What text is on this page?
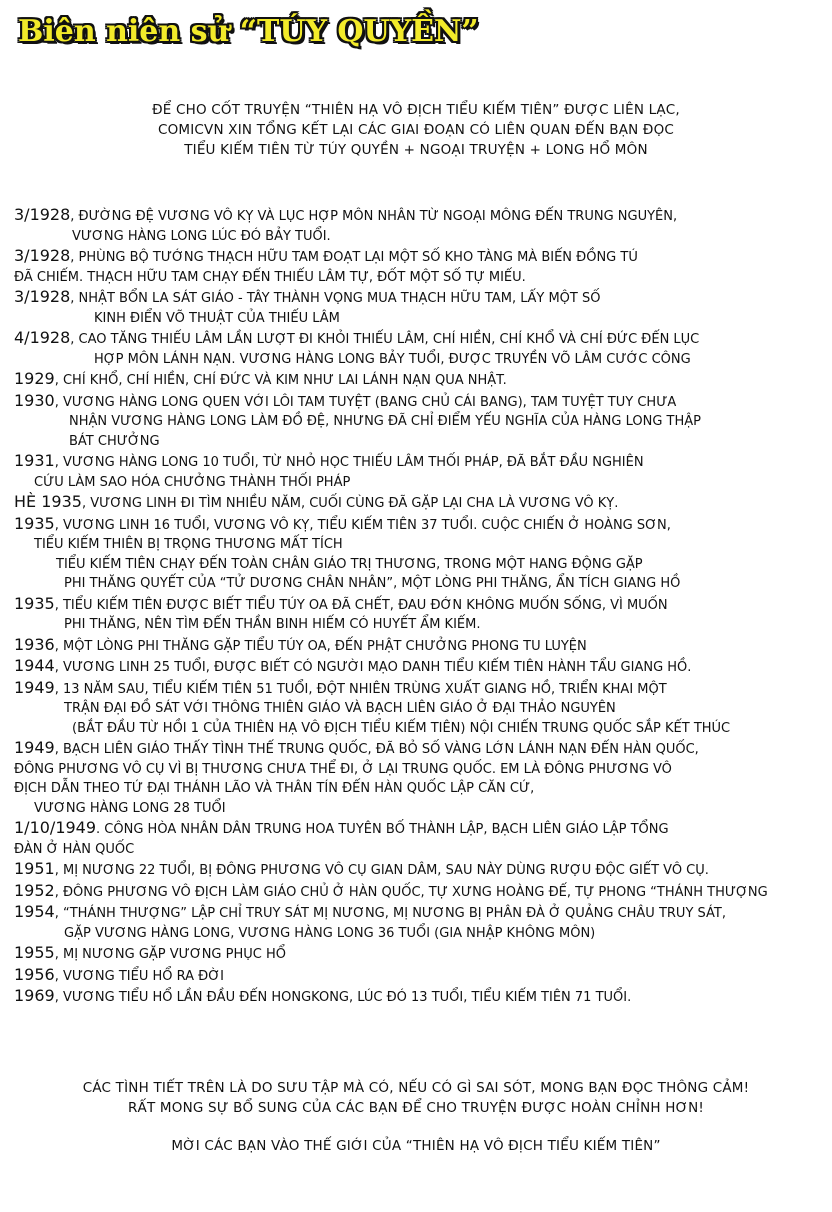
Biên niên sử “TÚY QUYỀN”
ĐỂ CHO CỐT TRUYỆN “THIÊN HẠ VÔ ĐỊCH TIỂU KIẾM TIÊN” ĐƯỢC LIÊN LẠC,
COMICVN XIN TỔNG KẾT LẠI CÁC GIAI ĐOẠN CÓ LIÊN QUAN ĐẾN BẠN ĐỌC
TIỂU KIẾM TIÊN TỪ TÚY QUYỀN + NGOẠI TRUYỆN + LONG HỔ MÔN
3/1928, ĐƯỜNG ĐỆ VƯƠNG VÔ KỴ VÀ LỤC HỢP MÔN NHÂN TỪ NGOẠI MÔNG ĐẾN TRUNG NGUYÊN,
VƯƠNG HÀNG LONG LÚC ĐÓ BẢY TUỔI.
3/1928, PHÙNG BỘ TƯỚNG THẠCH HỮU TAM ĐOẠT LẠI MỘT SỐ KHO TÀNG MÀ BIẾN ĐỒNG TÚ
ĐÃ CHIẾM. THẠCH HỮU TAM CHẠY ĐẾN THIẾU LÂM TỰ, ĐỐT MỘT SỐ TỰ MIẾU.
3/1928, NHẬT BỔN LA SÁT GIÁO - TÂY THÀNH VỌNG MUA THẠCH HỮU TAM, LẤY MỘT SỐ
KINH ĐIỂN VÕ THUẬT CỦA THIẾU LÂM
4/1928, CAO TĂNG THIẾU LÂM LẦN LƯỢT ĐI KHỎI THIẾU LÂM, CHÍ HIỀN, CHÍ KHỔ VÀ CHÍ ĐỨC ĐẾN LỤC
HỢP MÔN LÁNH NẠN. VƯƠNG HÀNG LONG BẢY TUỔI, ĐƯỢC TRUYỀN VÕ LÂM CƯỚC CÔNG
1929, CHÍ KHỔ, CHÍ HIỀN, CHÍ ĐỨC VÀ KIM NHƯ LAI LÁNH NẠN QUA NHẬT.
1930, VƯƠNG HÀNG LONG QUEN VỚI LÔI TAM TUYỆT (BANG CHỦ CÁI BANG), TAM TUYỆT TUY CHƯA
NHẬN VƯƠNG HÀNG LONG LÀM ĐỒ ĐỆ, NHƯNG ĐÃ CHỈ ĐIỂM YẾU NGHĨA CỦA HÀNG LONG THẬP
BÁT CHƯỞNG
1931, VƯƠNG HÀNG LONG 10 TUỔI, TỪ NHỎ HỌC THIẾU LÂM THỐI PHÁP, ĐÃ BẮT ĐẦU NGHIÊN
CỨU LÀM SAO HÓA CHƯỞNG THÀNH THỐI PHÁP
HÈ 1935, VƯƠNG LINH ĐI TÌM NHIỀU NĂM, CUỐI CÙNG ĐÃ GẶP LẠI CHA LÀ VƯƠNG VÔ KỴ.
1935, VƯƠNG LINH 16 TUỔI, VƯƠNG VÔ KỴ, TIỂU KIẾM TIÊN 37 TUỔI. CUỘC CHIẾN Ở HOÀNG SƠN,
TIỂU KIẾM THIÊN BỊ TRỌNG THƯƠNG MẤT TÍCH
TIỂU KIẾM TIÊN CHẠY ĐẾN TOÀN CHÂN GIÁO TRỊ THƯƠNG, TRONG MỘT HANG ĐỘNG GẶP
PHI THĂNG QUYẾT CỦA “TỬ DƯƠNG CHÂN NHÂN”, MỘT LÒNG PHI THĂNG, ẨN TÍCH GIANG HỒ
1935, TIỂU KIẾM TIÊN ĐƯỢC BIẾT TIỂU TÚY OA ĐÃ CHẾT, ĐAU ĐỚN KHÔNG MUỐN SỐNG, VÌ MUỐN
PHI THĂNG, NÊN TÌM ĐẾN THẦN BINH HIẾM CÓ HUYẾT ẨM KIẾM.
1936, MỘT LÒNG PHI THĂNG GẶP TIỂU TÚY OA, ĐẾN PHẬT CHƯỞNG PHONG TU LUYỆN
1944, VƯƠNG LINH 25 TUỔI, ĐƯỢC BIẾT CÓ NGƯỜI MẠO DANH TIỂU KIẾM TIÊN HÀNH TẨU GIANG HỒ.
1949, 13 NĂM SAU, TIỂU KIẾM TIÊN 51 TUỔI, ĐỘT NHIÊN TRÙNG XUẤT GIANG HỒ, TRIỂN KHAI MỘT
TRẬN ĐẠI ĐỒ SÁT VỚI THÔNG THIÊN GIÁO VÀ BẠCH LIÊN GIÁO Ở ĐẠI THẢO NGUYÊN
(BẮT ĐẦU TỪ HỒI 1 CỦA THIÊN HẠ VÔ ĐỊCH TIỂU KIẾM TIÊN) NỘI CHIẾN TRUNG QUỐC SẮP KẾT THÚC
1949, BẠCH LIÊN GIÁO THẤY TÌNH THẾ TRUNG QUỐC, ĐÃ BỎ SỐ VÀNG LỚN LÁNH NẠN ĐẾN HÀN QUỐC,
ĐÔNG PHƯƠNG VÔ CỤ VÌ BỊ THƯƠNG CHƯA THỂ ĐI, Ở LẠI TRUNG QUỐC. EM LÀ ĐÔNG PHƯƠNG VÔ
ĐỊCH DẪN THEO TỨ ĐẠI THÁNH LÃO VÀ THÂN TÍN ĐẾN HÀN QUỐC LẬP CĂN CỨ,
VƯƠNG HÀNG LONG 28 TUỔI
1/10/1949. CÔNG HÒA NHÂN DÂN TRUNG HOA TUYÊN BỐ THÀNH LẬP, BẠCH LIÊN GIÁO LẬP TỔNG
ĐÀN Ở HÀN QUỐC
1951, MỊ NƯƠNG 22 TUỔI, BỊ ĐÔNG PHƯƠNG VÔ CỤ GIAN DÂM, SAU NÀY DÙNG RƯỢU ĐỘC GIẾT VÔ CỤ.
1952, ĐÔNG PHƯƠNG VÔ ĐỊCH LÀM GIÁO CHỦ Ở HÀN QUỐC, TỰ XƯNG HOÀNG ĐẾ, TỰ PHONG “THÁNH THƯỢNG
1954, “THÁNH THƯỢNG” LẬP CHỈ TRUY SÁT MỊ NƯƠNG, MỊ NƯƠNG BỊ PHÂN ĐÀ Ở QUẢNG CHÂU TRUY SÁT,
GẶP VƯƠNG HÀNG LONG, VƯƠNG HÀNG LONG 36 TUỔI (GIA NHẬP KHÔNG MÔN)
1955, MỊ NƯƠNG GẶP VƯƠNG PHỤC HỔ
1956, VƯƠNG TIỂU HỔ RA ĐỜI
1969, VƯƠNG TIỂU HỔ LẦN ĐẦU ĐẾN HONGKONG, LÚC ĐÓ 13 TUỔI, TIỂU KIẾM TIÊN 71 TUỔI.
CÁC TÌNH TIẾT TRÊN LÀ DO SƯU TẬP MÀ CÓ, NẾU CÓ GÌ SAI SÓT, MONG BẠN ĐỌC THÔNG CẢM!
RẤT MONG SỰ BỔ SUNG CỦA CÁC BẠN ĐỂ CHO TRUYỆN ĐƯỢC HOÀN CHỈNH HƠN!
MỜI CÁC BẠN VÀO THẾ GIỚI CỦA “THIÊN HẠ VÔ ĐỊCH TIỂU KIẾM TIÊN”
